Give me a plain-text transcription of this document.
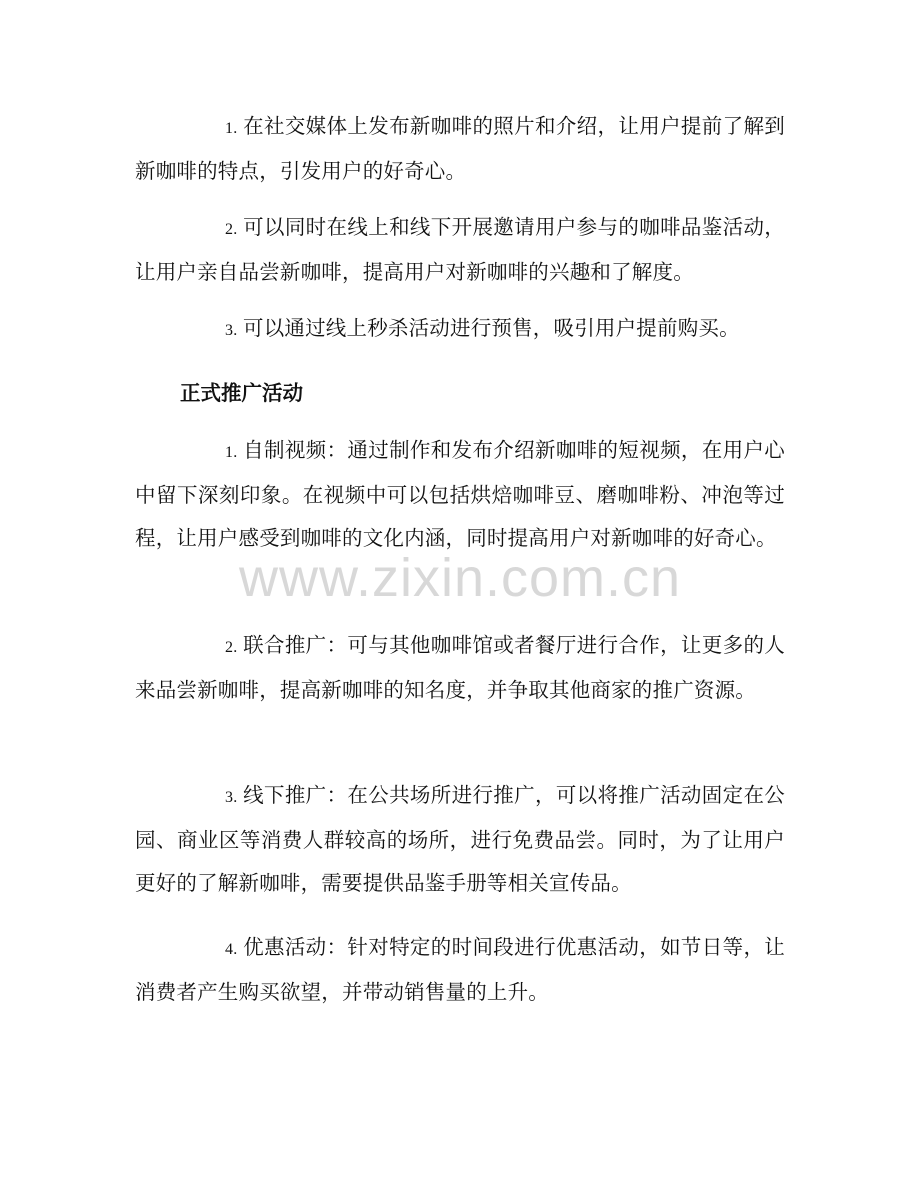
1. 在社交媒体上发布新咖啡的照片和介绍，让用户提前了解到新咖啡的特点，引发用户的好奇心。

2. 可以同时在线上和线下开展邀请用户参与的咖啡品鉴活动，让用户亲自品尝新咖啡，提高用户对新咖啡的兴趣和了解度。

3. 可以通过线上秒杀活动进行预售，吸引用户提前购买。

正式推广活动

1. 自制视频：通过制作和发布介绍新咖啡的短视频，在用户心中留下深刻印象。在视频中可以包括烘焙咖啡豆、磨咖啡粉、冲泡等过程，让用户感受到咖啡的文化内涵，同时提高用户对新咖啡的好奇心。

2. 联合推广：可与其他咖啡馆或者餐厅进行合作，让更多的人来品尝新咖啡，提高新咖啡的知名度，并争取其他商家的推广资源。

3. 线下推广：在公共场所进行推广，可以将推广活动固定在公园、商业区等消费人群较高的场所，进行免费品尝。同时，为了让用户更好的了解新咖啡，需要提供品鉴手册等相关宣传品。

4. 优惠活动：针对特定的时间段进行优惠活动，如节日等，让消费者产生购买欲望，并带动销售量的上升。

www.zixin.com.cn
